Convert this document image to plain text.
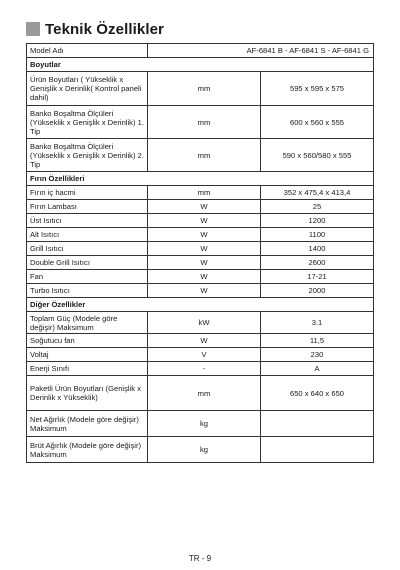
Teknik Özellikler
Model Adı	AF-6841 B - AF-6841 S - AF-6841 G	
Boyutlar		
Ürün Boyutları ( Yükseklik x Genişlik x Derinlik( Kontrol paneli dahil)	mm	595 x 595 x 575
Banko Boşaltma Ölçüleri (Yükseklik x Genişlik x Derinlik) 1. Tip	mm	600 x 560 x 555
Banko Boşaltma Ölçüleri (Yükseklik x Genişlik x Derinlik) 2. Tip	mm	590 x 560/580 x 555
Fırın Özellikleri		
Fırın iç hacmi	mm	352 x 475,4 x 413,4
Fırın Lambası	W	25
Üst Isıtıcı	W	1200
Alt Isıtıcı	W	1100
Grill Isıtıcı	W	1400
Double Grill Isıtıcı	W	2600
Fan	W	17-21
Turbo Isıtıcı	W	2000
Diğer Özellikler		
Toplam Güç (Modele göre değişir) Maksimum	kW	3.1
Soğutucu fan	W	11,5
Voltaj	V	230
Enerji Sınıfı	-	A
Paketli Ürün Boyutları (Genişlik x Derinlik x Yükseklik)	mm	650 x 640 x 650
Net Ağırlık (Modele göre değişir) Maksimum	kg	
Brüt Ağırlık (Modele göre değişir) Maksimum	kg	
TR - 9
